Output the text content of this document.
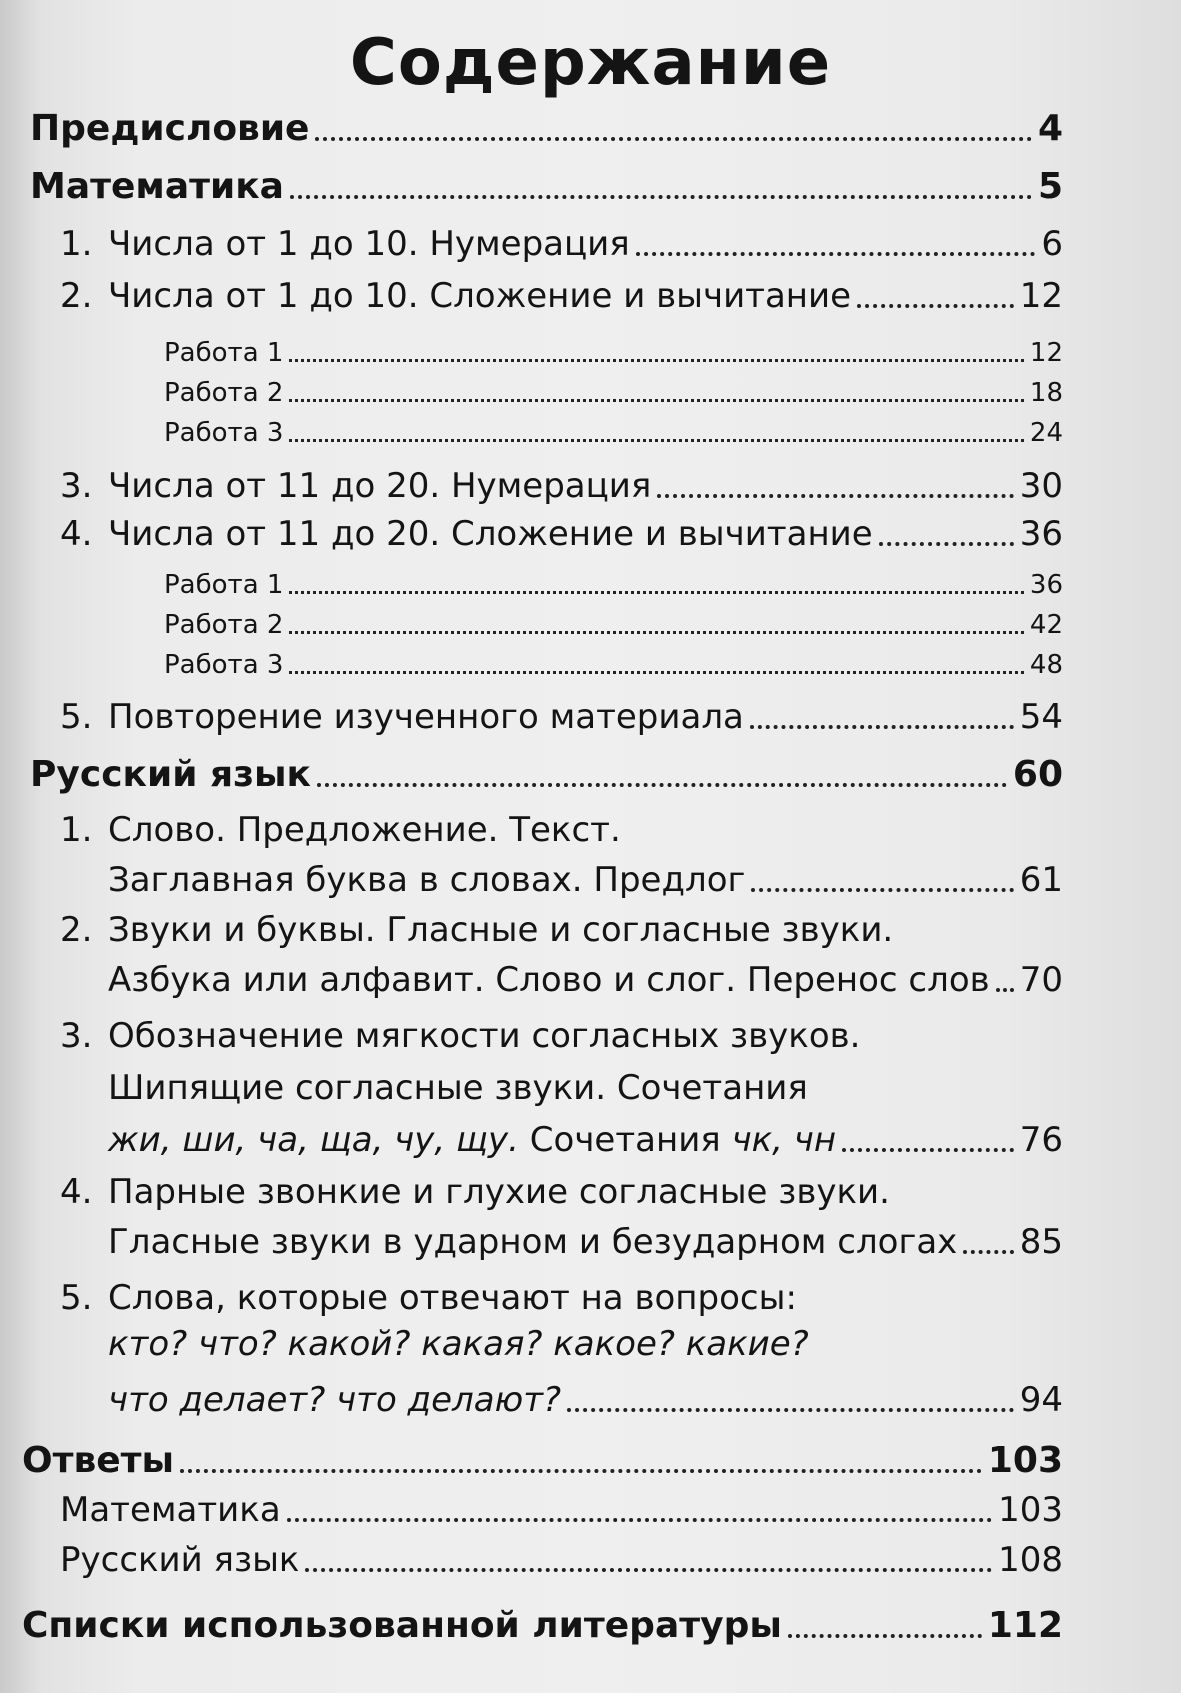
Содержание
Предисловие	4
Математика	5
1. Числа от 1 до 10. Нумерация	6
2. Числа от 1 до 10. Сложение и вычитание	12
Работа 1	12
Работа 2	18
Работа 3	24
3. Числа от 11 до 20. Нумерация	30
4. Числа от 11 до 20. Сложение и вычитание	36
Работа 1	36
Работа 2	42
Работа 3	48
5. Повторение изученного материала	54
Русский язык	60
1. Слово. Предложение. Текст.
Заглавная буква в словах. Предлог	61
2. Звуки и буквы. Гласные и согласные звуки.
Азбука или алфавит. Слово и слог. Перенос слов 70
3. Обозначение мягкости согласных звуков.
Шипящие согласные звуки. Сочетания
жи, ши, ча, ща, чу, щу. Сочетания чк, чн	76
4. Парные звонкие и глухие согласные звуки.
Гласные звуки в ударном и безударном слогах 85
5. Слова, которые отвечают на вопросы:
кто? что? какой? какая? какое? какие?
что делает? что делают?	94
Ответы	103
Математика	103
Русский язык	108
Списки использованной литературы	112
